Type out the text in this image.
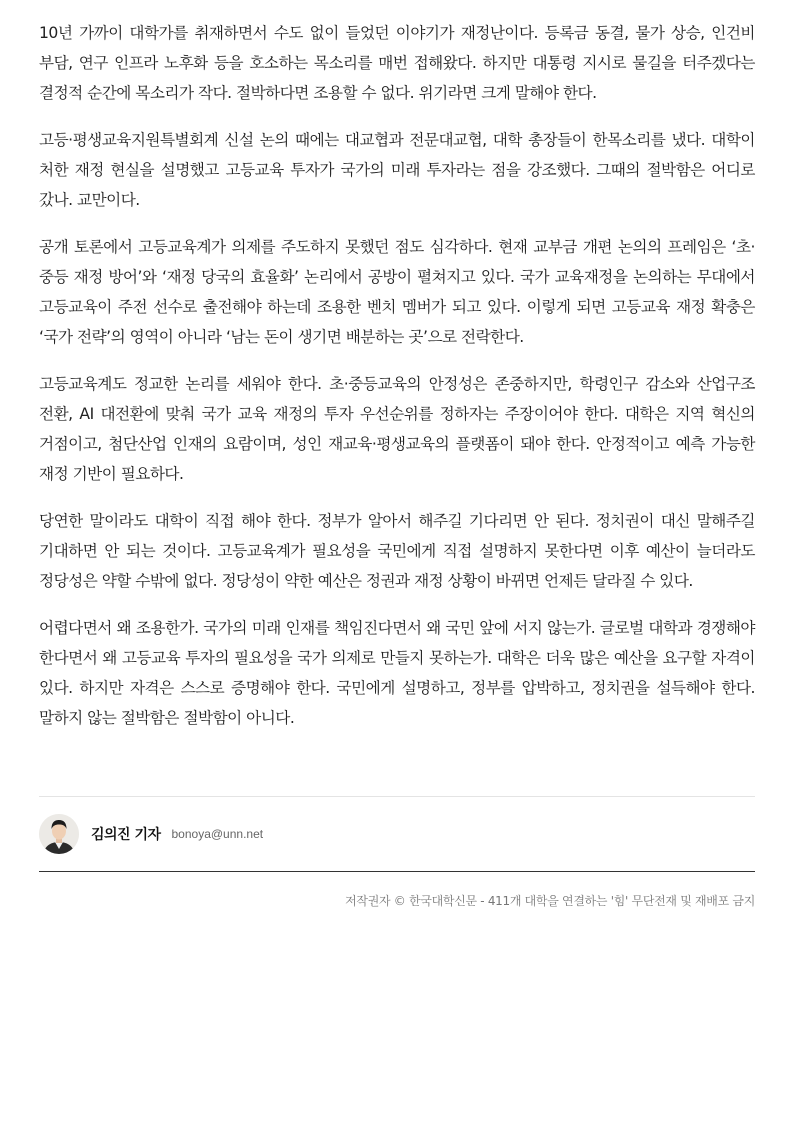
10년 가까이 대학가를 취재하면서 수도 없이 들었던 이야기가 재정난이다. 등록금 동결, 물가 상승, 인건비 부담, 연구 인프라 노후화 등을 호소하는 목소리를 매번 접해왔다. 하지만 대통령 지시로 물길을 터주겠다는 결정적 순간에 목소리가 작다. 절박하다면 조용할 수 없다. 위기라면 크게 말해야 한다.

고등·평생교육지원특별회계 신설 논의 때에는 대교협과 전문대교협, 대학 총장들이 한목소리를 냈다. 대학이 처한 재정 현실을 설명했고 고등교육 투자가 국가의 미래 투자라는 점을 강조했다. 그때의 절박함은 어디로 갔나. 교만이다.

공개 토론에서 고등교육계가 의제를 주도하지 못했던 점도 심각하다. 현재 교부금 개편 논의의 프레임은 ‘초·중등 재정 방어’와 ‘재정 당국의 효율화’ 논리에서 공방이 펼쳐지고 있다. 국가 교육재정을 논의하는 무대에서 고등교육이 주전 선수로 출전해야 하는데 조용한 벤치 멤버가 되고 있다. 이렇게 되면 고등교육 재정 확충은 ‘국가 전략’의 영역이 아니라 ‘남는 돈이 생기면 배분하는 곳’으로 전락한다.

고등교육계도 정교한 논리를 세워야 한다. 초·중등교육의 안정성은 존중하지만, 학령인구 감소와 산업구조 전환, AI 대전환에 맞춰 국가 교육 재정의 투자 우선순위를 정하자는 주장이어야 한다. 대학은 지역 혁신의 거점이고, 첨단산업 인재의 요람이며, 성인 재교육·평생교육의 플랫폼이 돼야 한다. 안정적이고 예측 가능한 재정 기반이 필요하다.

당연한 말이라도 대학이 직접 해야 한다. 정부가 알아서 해주길 기다리면 안 된다. 정치권이 대신 말해주길 기대하면 안 되는 것이다. 고등교육계가 필요성을 국민에게 직접 설명하지 못한다면 이후 예산이 늘더라도 정당성은 약할 수밖에 없다. 정당성이 약한 예산은 정권과 재정 상황이 바뀌면 언제든 달라질 수 있다.

어렵다면서 왜 조용한가. 국가의 미래 인재를 책임진다면서 왜 국민 앞에 서지 않는가. 글로벌 대학과 경쟁해야 한다면서 왜 고등교육 투자의 필요성을 국가 의제로 만들지 못하는가. 대학은 더욱 많은 예산을 요구할 자격이 있다. 하지만 자격은 스스로 증명해야 한다. 국민에게 설명하고, 정부를 압박하고, 정치권을 설득해야 한다. 말하지 않는 절박함은 절박함이 아니다.

김의진 기자 bonoya@unn.net
저작권자 © 한국대학신문 - 411개 대학을 연결하는 '힘' 무단전재 및 재배포 금지
